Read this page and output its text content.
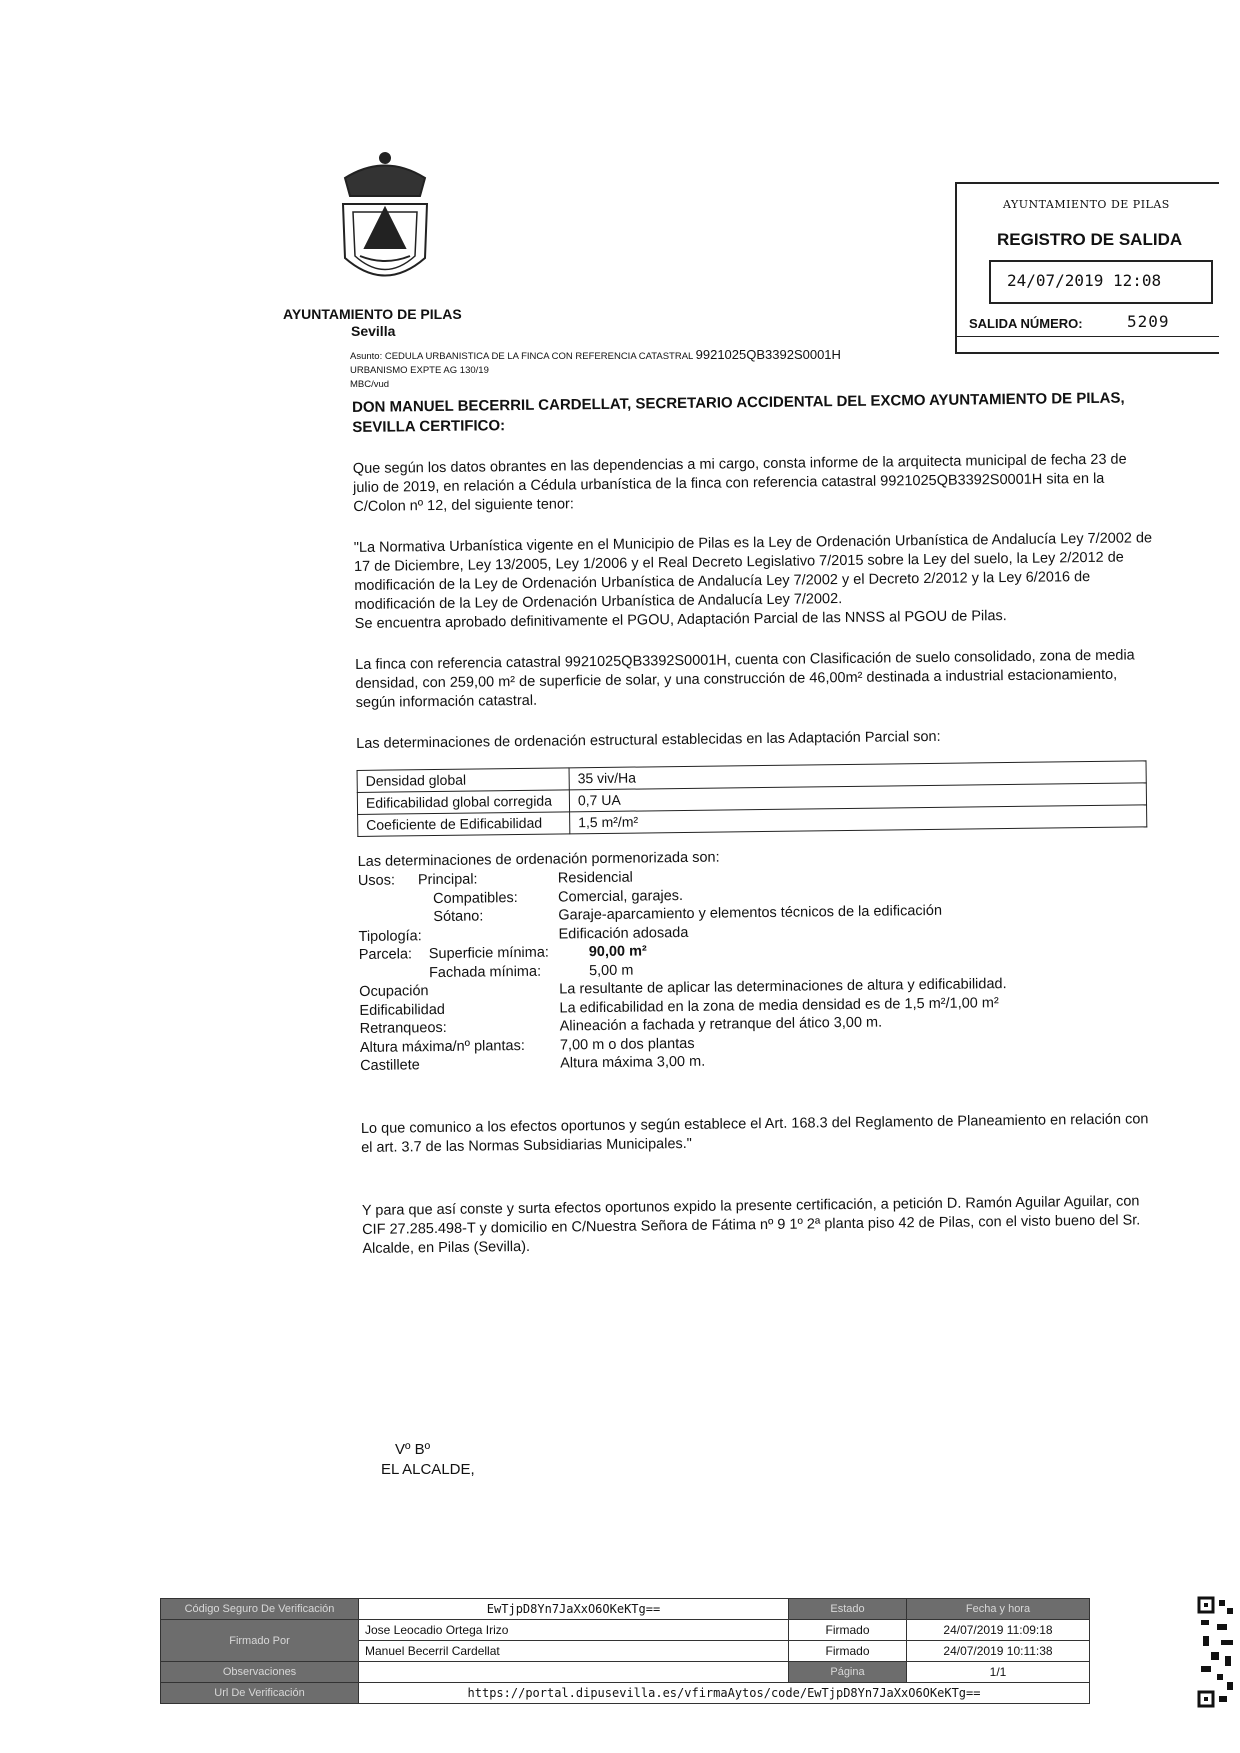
AYUNTAMIENTO DE PILAS
Sevilla
AYUNTAMIENTO DE PILAS
REGISTRO DE SALIDA
24/07/2019 12:08
SALIDA NÚMERO:	5209
Asunto: CEDULA URBANISTICA DE LA FINCA CON REFERENCIA CATASTRAL 9921025QB3392S0001H
URBANISMO EXPTE AG 130/19
MBC/vud

DON MANUEL BECERRIL CARDELLAT, SECRETARIO ACCIDENTAL DEL EXCMO AYUNTAMIENTO DE PILAS,

SEVILLA CERTIFICO:

Que según los datos obrantes en las dependencias a mi cargo, consta informe de la arquitecta municipal de fecha 23 de julio de 2019, en relación a Cédula urbanística de la finca con referencia catastral 9921025QB3392S0001H sita en la C/Colon nº 12, del siguiente tenor:

"La Normativa Urbanística vigente en el Municipio de Pilas es la Ley de Ordenación Urbanística de Andalucía Ley 7/2002 de 17 de Diciembre, Ley 13/2005, Ley 1/2006 y el Real Decreto Legislativo 7/2015 sobre la Ley del suelo, la Ley 2/2012 de modificación de la Ley de Ordenación Urbanística de Andalucía Ley 7/2002 y el Decreto 2/2012 y la Ley 6/2016 de modificación de la Ley de Ordenación Urbanística de Andalucía Ley 7/2002.

Se encuentra aprobado definitivamente el PGOU, Adaptación Parcial de las NNSS al PGOU de Pilas.

La finca con referencia catastral 9921025QB3392S0001H, cuenta con Clasificación de suelo consolidado, zona de media densidad, con 259,00 m² de superficie de solar, y una construcción de 46,00m² destinada a industrial estacionamiento, según información catastral.

Las determinaciones de ordenación estructural establecidas en las Adaptación Parcial son:

Densidad global	35 viv/Ha
Edificabilidad global corregida	0,7 UA
Coeficiente de Edificabilidad	1,5 m²/m²

Las determinaciones de ordenación pormenorizada son:

Usos:	Principal:	Residencial
Compatibles:	Comercial, garajes.
Sótano:	Garaje-aparcamiento y elementos técnicos de la edificación
Tipología:	Edificación adosada
Parcela:	Superficie mínima:	90,00 m²
Fachada mínima:	5,00 m
Ocupación	La resultante de aplicar las determinaciones de altura y edificabilidad.
Edificabilidad	La edificabilidad en la zona de media densidad es de 1,5 m²/1,00 m²
Retranqueos:	Alineación a fachada y retranque del ático 3,00 m.
Altura máxima/nº plantas:	7,00 m o dos plantas
Castillete	Altura máxima 3,00 m.

Lo que comunico a los efectos oportunos y según establece el Art. 168.3 del Reglamento de Planeamiento en relación con el art. 3.7 de las Normas Subsidiarias Municipales."

Y para que así conste y surta efectos oportunos expido la presente certificación, a petición D. Ramón Aguilar Aguilar, con CIF 27.285.498-T y domicilio en C/Nuestra Señora de Fátima nº 9 1º 2ª planta piso 42 de Pilas, con el visto bueno del Sr. Alcalde, en Pilas (Sevilla).

Vº Bº
EL ALCALDE,
Código Seguro De Verificación	EwTjpD8Yn7JaXxO6OKeKTg==	Estado	Fecha y hora
Firmado Por	Jose Leocadio Ortega Irizo	Firmado	24/07/2019 11:09:18
	Manuel Becerril Cardellat	Firmado	24/07/2019 10:11:38
Observaciones		Página	1/1
Url De Verificación	https://portal.dipusevilla.es/vfirmaAytos/code/EwTjpD8Yn7JaXxO6OKeKTg==		
